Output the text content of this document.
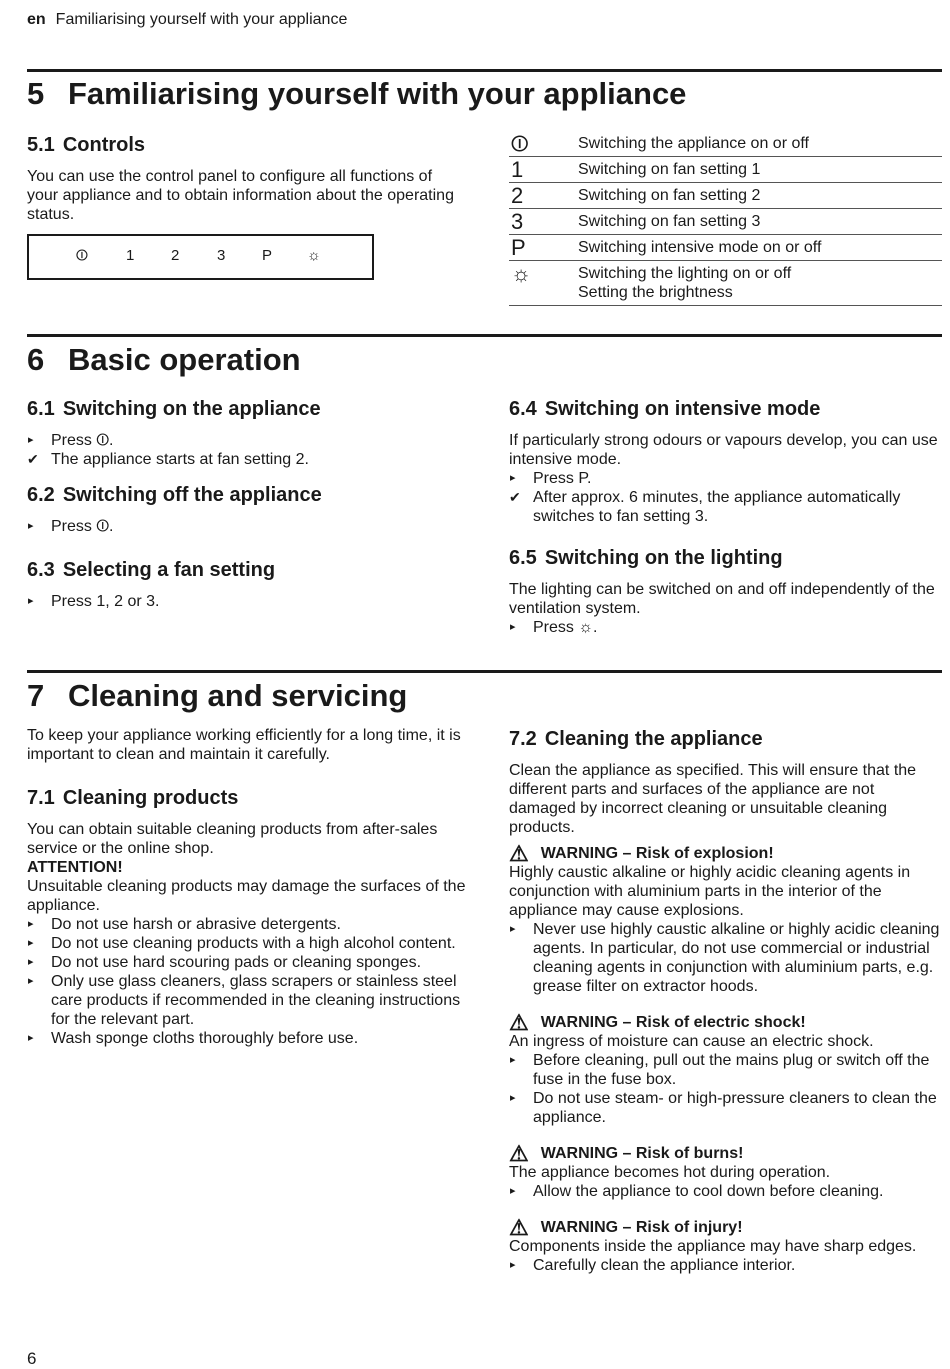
en Familiarising yourself with your appliance
5 Familiarising yourself with your appliance
5.1 Controls

You can use the control panel to configure all functions of your appliance and to obtain information about the operating status.

⏼	1 2	3 P ☼
⏼	Switching the appliance on or off
1	Switching on fan setting 1
2	Switching on fan setting 2
3	Switching on fan setting 3
P	Switching intensive mode on or off
☼	Switching the lighting on or off
Setting the brightness
6 Basic operation
6.1 Switching on the appliance
▸ Press ⏼.
✔ The appliance starts at fan setting 2.
6.2 Switching off the appliance
▸ Press ⏼.
6.3 Selecting a fan setting
▸ Press 1, 2 or 3.
6.4 Switching on intensive mode

If particularly strong odours or vapours develop, you can use intensive mode.

▸ Press P.
✔ After approx. 6 minutes, the appliance automatically switches to fan setting 3.
6.5 Switching on the lighting

The lighting can be switched on and off independently of the ventilation system.

▸ Press ☼.
7 Cleaning and servicing

To keep your appliance working efficiently for a long time, it is important to clean and maintain it carefully.

7.1 Cleaning products

You can obtain suitable cleaning products from after-sales service or the online shop.

ATTENTION!

Unsuitable cleaning products may damage the surfaces of the appliance.

▸ Do not use harsh or abrasive detergents.
▸ Do not use cleaning products with a high alcohol content.
▸ Do not use hard scouring pads or cleaning sponges.
▸ Only use glass cleaners, glass scrapers or stainless steel care products if recommended in the cleaning instructions for the relevant part.
▸ Wash sponge cloths thoroughly before use.
7.2 Cleaning the appliance

Clean the appliance as specified. This will ensure that the different parts and surfaces of the appliance are not damaged by incorrect cleaning or unsuitable cleaning products.

⚠ WARNING – Risk of explosion!

Highly caustic alkaline or highly acidic cleaning agents in conjunction with aluminium parts in the interior of the appliance may cause explosions.

▸ Never use highly caustic alkaline or highly acidic cleaning agents. In particular, do not use commercial or industrial cleaning agents in conjunction with aluminium parts, e.g. grease filter on extractor hoods.
⚠ WARNING – Risk of electric shock!

An ingress of moisture can cause an electric shock.

▸ Before cleaning, pull out the mains plug or switch off the fuse in the fuse box.
▸ Do not use steam- or high-pressure cleaners to clean the appliance.
⚠ WARNING – Risk of burns!

The appliance becomes hot during operation.

▸ Allow the appliance to cool down before cleaning.
⚠ WARNING – Risk of injury!

Components inside the appliance may have sharp edges.

▸ Carefully clean the appliance interior.
6
